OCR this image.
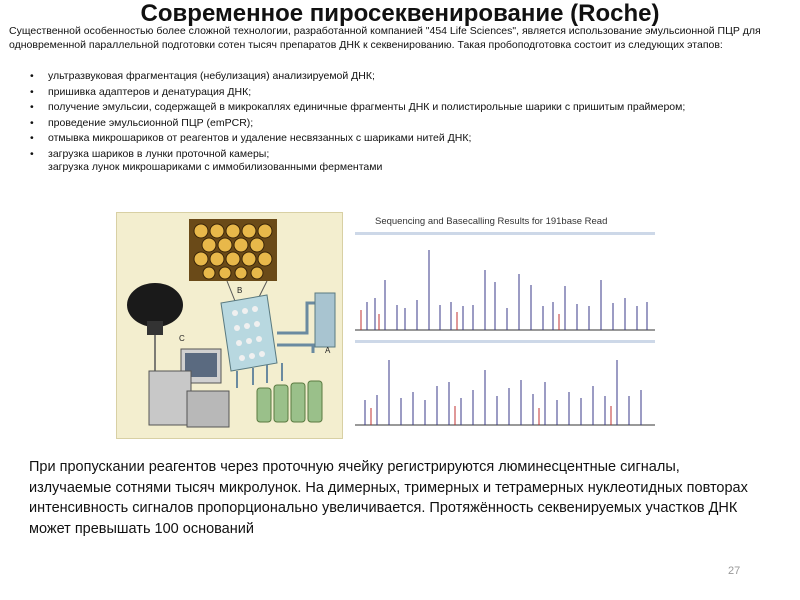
Современное пиросеквенирование (Roche)
Существенной особенностью более сложной технологии, разработанной компанией "454 Life Sciences", является использование эмульсионной ПЦР для одновременной параллельной подготовки сотен тысяч препаратов ДНК к секвенированию. Такая пробоподготовка состоит из следующих этапов:
• ультразвуковая фрагментация (небулизация) анализируемой ДНК;
• пришивка адаптеров и денатурация ДНК;
• получение эмульсии, содержащей в микрокаплях единичные фрагменты ДНК и полистирольные шарики с пришитым праймером;
• проведение эмульсионной ПЦР (emPCR);
• отмывка микрошариков от реагентов и удаление несвязанных с шариками нитей ДНК;
• загрузка шариков в лунки проточной камеры;
загрузка лунок микрошариками с иммобилизованными ферментами
C
B
A
Sequencing and Basecalling Results for 191base Read
При пропускании реагентов через проточную ячейку регистрируются люминесцентные сигналы, излучаемые сотнями тысяч микролунок. На димерных, тримерных и тетрамерных нуклеотидных повторах интенсивность сигналов пропорционально увеличивается. Протяжённость секвенируемых участков ДНК может превышать 100 оснований
27
